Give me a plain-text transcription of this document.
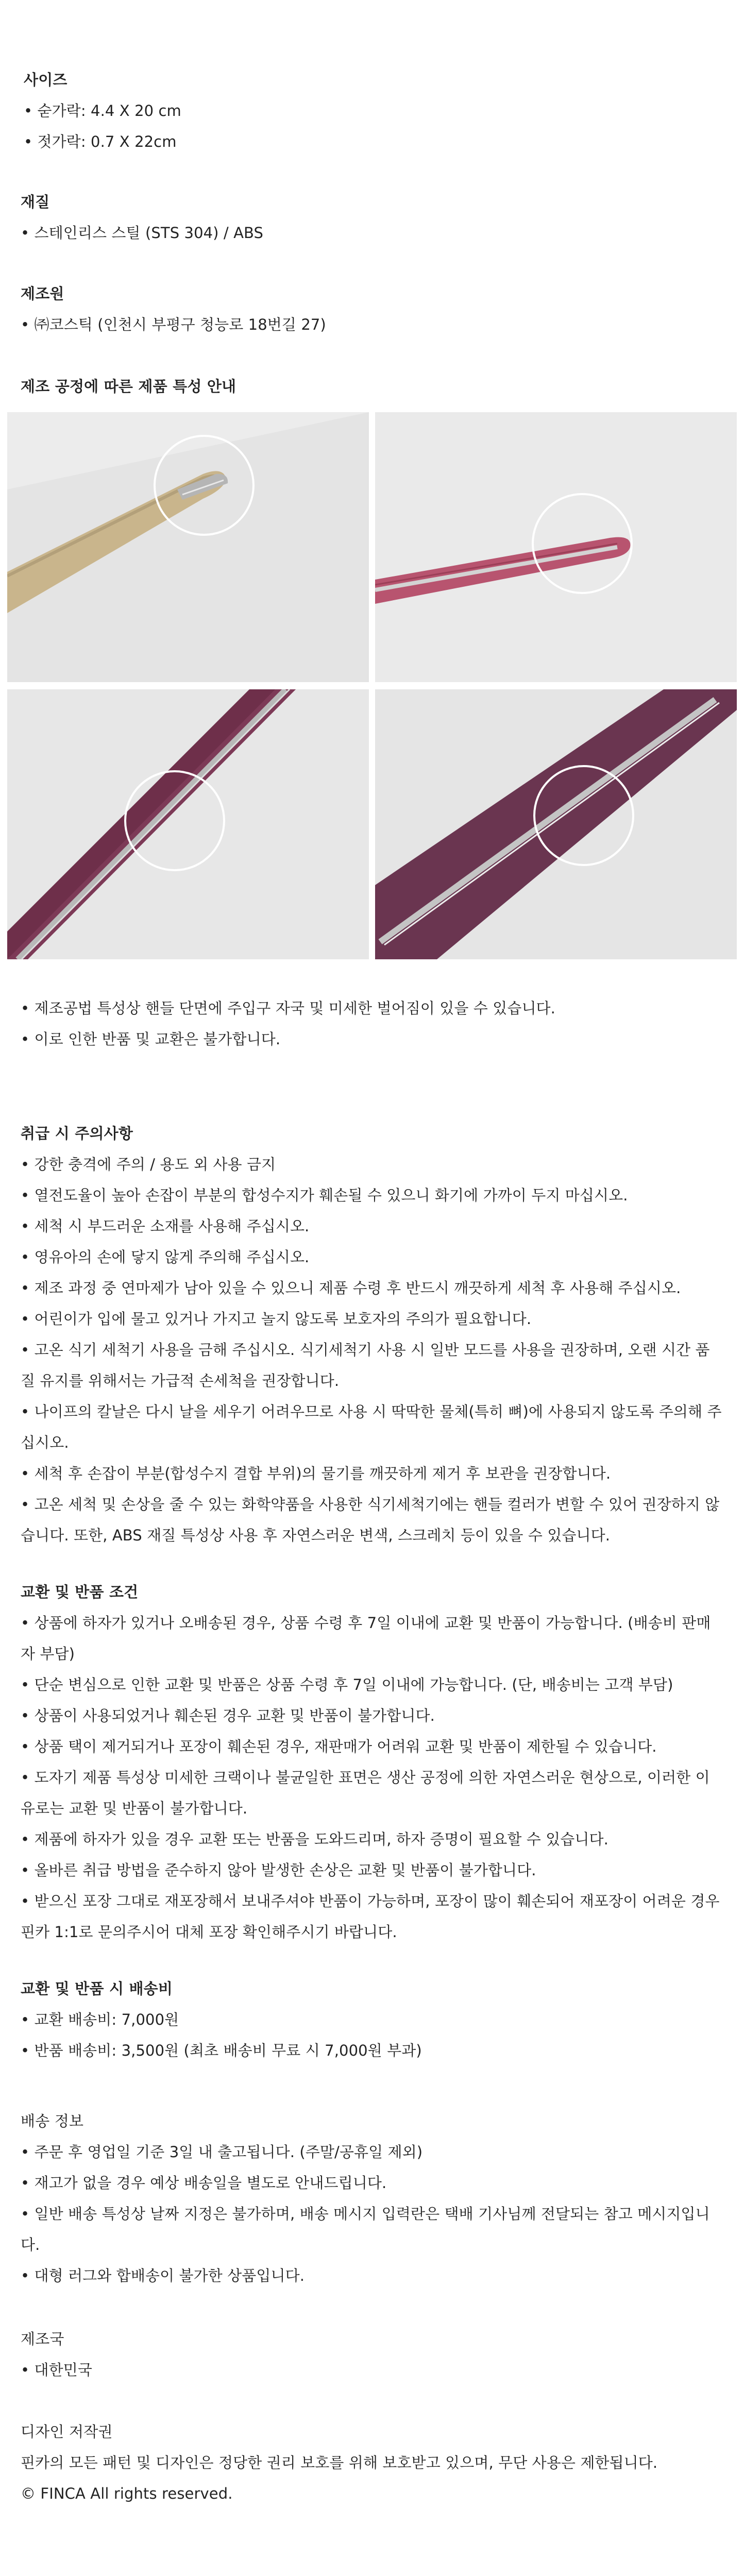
사이즈
• 숟가락: 4.4 X 20 cm
• 젓가락: 0.7 X 22cm
재질
• 스테인리스 스틸 (STS 304) / ABS
제조원
• ㈜코스틱 (인천시 부평구 청능로 18번길 27)
제조 공정에 따른 제품 특성 안내
• 제조공법 특성상 핸들 단면에 주입구 자국 및 미세한 벌어짐이 있을 수 있습니다.
• 이로 인한 반품 및 교환은 불가합니다.
취급 시 주의사항
• 강한 충격에 주의 / 용도 외 사용 금지
• 열전도율이 높아 손잡이 부분의 합성수지가 훼손될 수 있으니 화기에 가까이 두지 마십시오.
• 세척 시 부드러운 소재를 사용해 주십시오.
• 영유아의 손에 닿지 않게 주의해 주십시오.
• 제조 과정 중 연마제가 남아 있을 수 있으니 제품 수령 후 반드시 깨끗하게 세척 후 사용해 주십시오.
• 어린이가 입에 물고 있거나 가지고 놀지 않도록 보호자의 주의가 필요합니다.
• 고온 식기 세척기 사용을 금해 주십시오. 식기세척기 사용 시 일반 모드를 사용을 권장하며, 오랜 시간 품질 유지를 위해서는 가급적 손세척을 권장합니다.
• 나이프의 칼날은 다시 날을 세우기 어려우므로 사용 시 딱딱한 물체(특히 뼈)에 사용되지 않도록 주의해 주십시오.
• 세척 후 손잡이 부분(합성수지 결합 부위)의 물기를 깨끗하게 제거 후 보관을 권장합니다.
• 고온 세척 및 손상을 줄 수 있는 화학약품을 사용한 식기세척기에는 핸들 컬러가 변할 수 있어 권장하지 않습니다. 또한, ABS 재질 특성상 사용 후 자연스러운 변색, 스크레치 등이 있을 수 있습니다.
교환 및 반품 조건
• 상품에 하자가 있거나 오배송된 경우, 상품 수령 후 7일 이내에 교환 및 반품이 가능합니다. (배송비 판매자 부담)
• 단순 변심으로 인한 교환 및 반품은 상품 수령 후 7일 이내에 가능합니다. (단, 배송비는 고객 부담)
• 상품이 사용되었거나 훼손된 경우 교환 및 반품이 불가합니다.
• 상품 택이 제거되거나 포장이 훼손된 경우, 재판매가 어려워 교환 및 반품이 제한될 수 있습니다.
• 도자기 제품 특성상 미세한 크랙이나 불균일한 표면은 생산 공정에 의한 자연스러운 현상으로, 이러한 이유로는 교환 및 반품이 불가합니다.
• 제품에 하자가 있을 경우 교환 또는 반품을 도와드리며, 하자 증명이 필요할 수 있습니다.
• 올바른 취급 방법을 준수하지 않아 발생한 손상은 교환 및 반품이 불가합니다.
• 받으신 포장 그대로 재포장해서 보내주셔야 반품이 가능하며, 포장이 많이 훼손되어 재포장이 어려운 경우 핀카 1:1로 문의주시어 대체 포장 확인해주시기 바랍니다.
교환 및 반품 시 배송비
• 교환 배송비: 7,000원
• 반품 배송비: 3,500원 (최초 배송비 무료 시 7,000원 부과)
배송 정보
• 주문 후 영업일 기준 3일 내 출고됩니다. (주말/공휴일 제외)
• 재고가 없을 경우 예상 배송일을 별도로 안내드립니다.
• 일반 배송 특성상 날짜 지정은 불가하며, 배송 메시지 입력란은 택배 기사님께 전달되는 참고 메시지입니다.
• 대형 러그와 합배송이 불가한 상품입니다.
제조국
• 대한민국
디자인 저작권
핀카의 모든 패턴 및 디자인은 정당한 권리 보호를 위해 보호받고 있으며, 무단 사용은 제한됩니다.
© FINCA All rights reserved.
